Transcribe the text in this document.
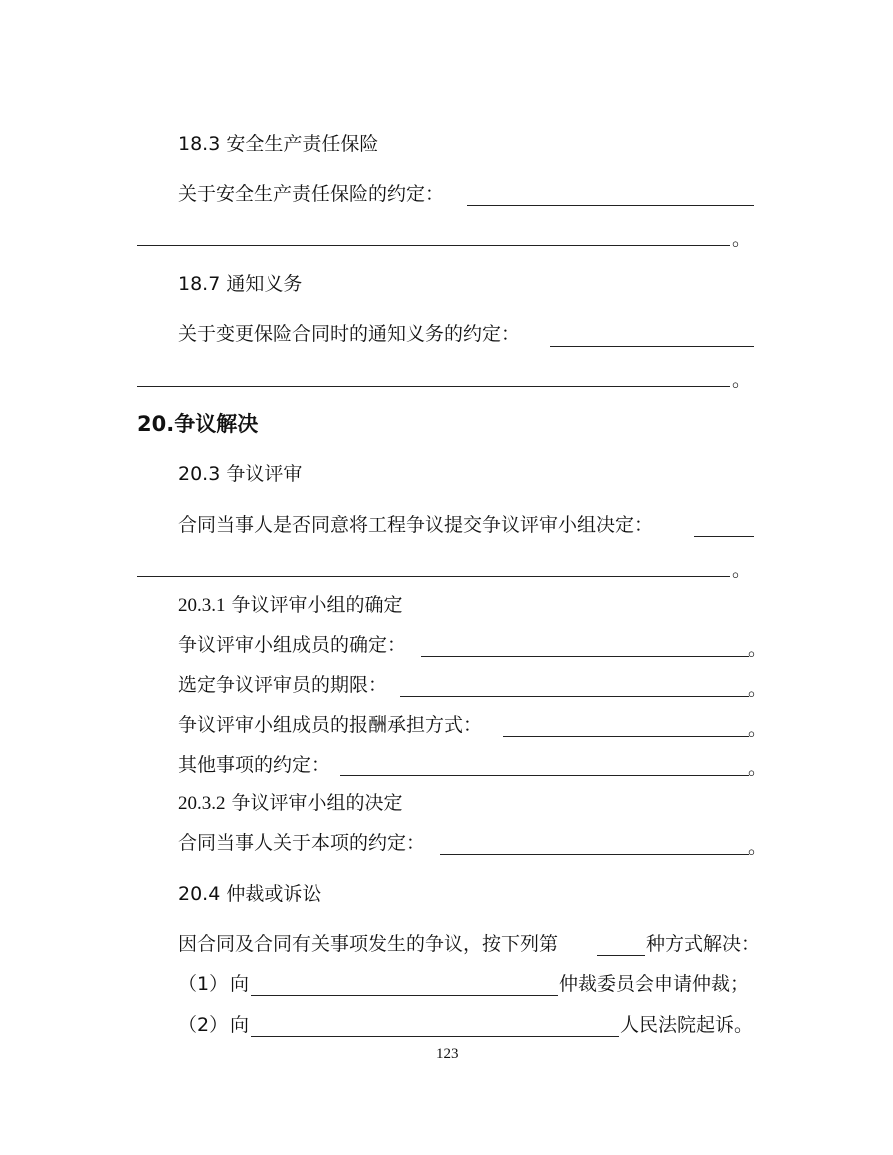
18.3 安全生产责任保险
关于安全生产责任保险的约定：
。
18.7 通知义务
关于变更保险合同时的通知义务的约定：
。
20.争议解决
20.3 争议评审
合同当事人是否同意将工程争议提交争议评审小组决定：
。
20.3.1 争议评审小组的确定
争议评审小组成员的确定：	。
选定争议评审员的期限：	。
争议评审小组成员的报酬承担方式：	。
其他事项的约定：	。
20.3.2 争议评审小组的决定
合同当事人关于本项的约定：	。
20.4 仲裁或诉讼
因合同及合同有关事项发生的争议，按下列第	种方式解决：
（1） 向	仲裁委员会申请仲裁；
（2） 向	人民法院起诉。
123
